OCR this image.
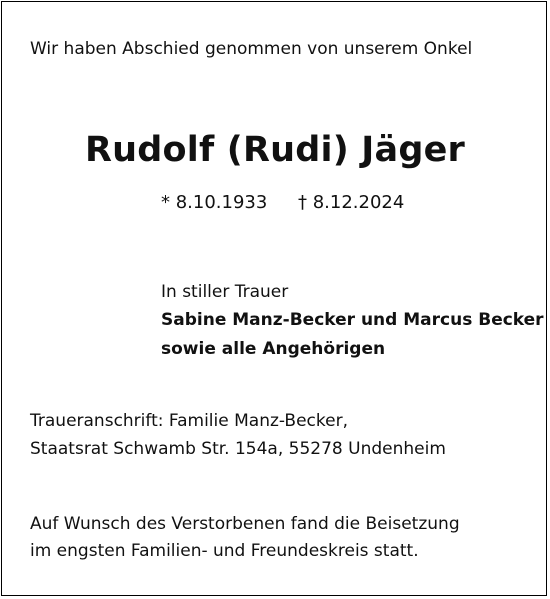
Wir haben Abschied genommen von unserem Onkel
Rudolf (Rudi) Jäger
* 8.10.1933 † 8.12.2024
In stiller Trauer
Sabine Manz-Becker und Marcus Becker
sowie alle Angehörigen
Traueranschrift: Familie Manz-Becker,
Staatsrat Schwamb Str. 154a, 55278 Undenheim
Auf Wunsch des Verstorbenen fand die Beisetzung
im engsten Familien- und Freundeskreis statt.
